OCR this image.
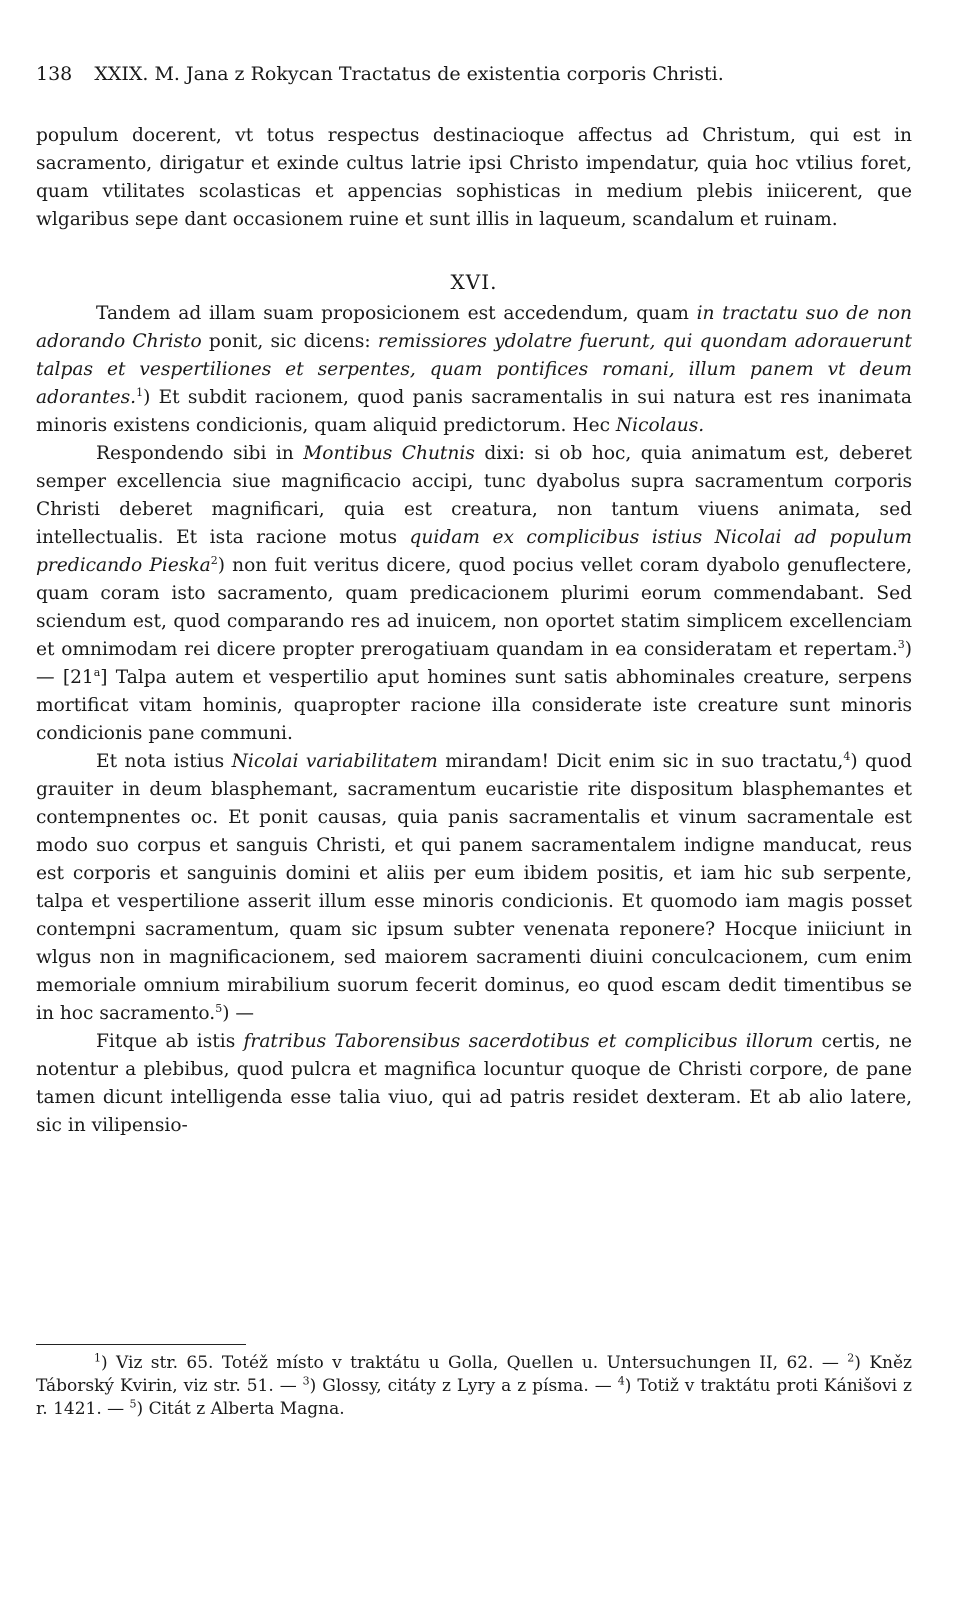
138 XXIX. M. Jana z Rokycan Tractatus de existentia corporis Christi.

populum docerent, vt totus respectus destinacioque affectus ad Christum, qui est in sacramento, dirigatur et exinde cultus latrie ipsi Christo impendatur, quia hoc vtilius foret, quam vtilitates scolasticas et appencias sophisticas in medium plebis iniicerent, que wlgaribus sepe dant occasionem ruine et sunt illis in laqueum, scandalum et ruinam.

XVI.

Tandem ad illam suam proposicionem est accedendum, quam in tractatu suo de non adorando Christo ponit, sic dicens: remissiores ydolatre fuerunt, qui quondam adorauerunt talpas et vespertiliones et serpentes, quam pontifices romani, illum panem vt deum adorantes.$^1$) Et subdit racionem, quod panis sacramentalis in sui natura est res inanimata minoris existens condicionis, quam aliquid predictorum. Hec Nicolaus.

Respondendo sibi in Montibus Chutnis dixi: si ob hoc, quia animatum est, deberet semper excellencia siue magnificacio accipi, tunc dyabolus supra sacramentum corporis Christi deberet magnificari, quia est creatura, non tantum viuens animata, sed intellectualis. Et ista racione motus quidam ex complicibus istius Nicolai ad populum predicando Pieska$^2$) non fuit veritus dicere, quod pocius vellet coram dyabolo genuflectere, quam coram isto sacramento, quam predicacionem plurimi eorum commendabant. Sed sciendum est, quod comparando res ad inuicem, non oportet statim simplicem excellenciam et omnimodam rei dicere propter prerogatiuam quandam in ea consideratam et repertam.$^3$) — [21$^a$] Talpa autem et vespertilio aput homines sunt satis abhominales creature, serpens mortificat vitam hominis, quapropter racione illa considerate iste creature sunt minoris condicionis pane communi.

Et nota istius Nicolai variabilitatem mirandam! Dicit enim sic in suo tractatu,$^4$) quod grauiter in deum blasphemant, sacramentum eucaristie rite dispositum blasphemantes et contempnentes oc. Et ponit causas, quia panis sacramentalis et vinum sacramentale est modo suo corpus et sanguis Christi, et qui panem sacramentalem indigne manducat, reus est corporis et sanguinis domini et aliis per eum ibidem positis, et iam hic sub serpente, talpa et vespertilione asserit illum esse minoris condicionis. Et quomodo iam magis posset contempni sacramentum, quam sic ipsum subter venenata reponere? Hocque iniiciunt in wlgus non in magnificacionem, sed maiorem sacramenti diuini conculcacionem, cum enim memoriale omnium mirabilium suorum fecerit dominus, eo quod escam dedit timentibus se in hoc sacramento.$^5$) —

Fitque ab istis fratribus Taborensibus sacerdotibus et complicibus illorum certis, ne notentur a plebibus, quod pulcra et magnifica locuntur quoque de Christi corpore, de pane tamen dicunt intelligenda esse talia viuo, qui ad patris residet dexteram. Et ab alio latere, sic in vilipensio-

$^1$) Viz str. 65. Totéž místo v traktátu u Golla, Quellen u. Untersuchungen II, 62. — $^2$) Kněz Táborský Kvirin, viz str. 51. — $^3$) Glossy, citáty z Lyry a z písma. — $^4$) Totiž v traktátu proti Kánišovi z r. 1421. — $^5$) Citát z Alberta Magna.
